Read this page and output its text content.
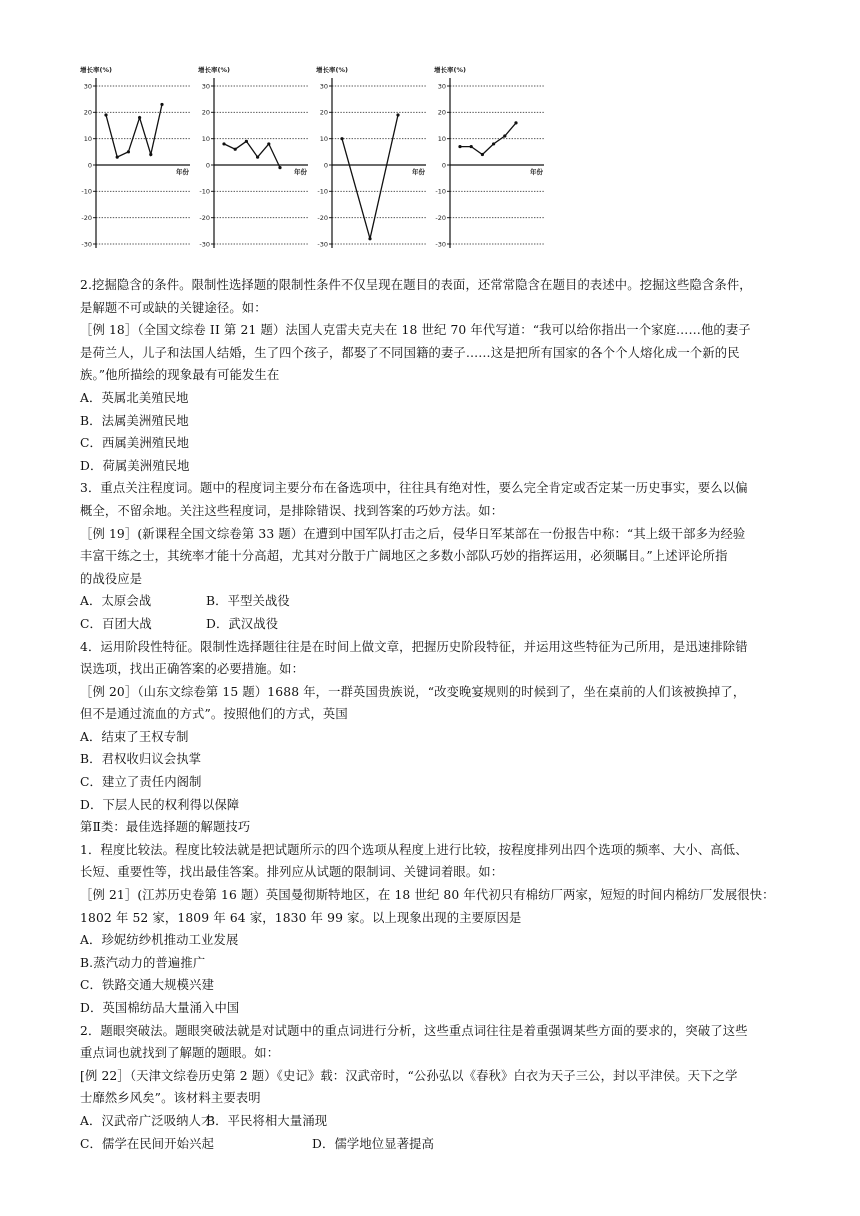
增长率(%)
30
20
10
0
-10
-20
-30
年份
增长率(%)
30
20
10
0
-10
-20
-30
年份
增长率(%)
30
20
10
0
-10
-20
-30
年份
增长率(%)
30
20
10
0
-10
-20
-30
年份
2.挖掘隐含的条件。限制性选择题的限制性条件不仅呈现在题目的表面，还常常隐含在题目的表述中。挖掘这些隐含条件，
是解题不可或缺的关键途径。如：
［例 18］（全国文综卷 II 第 21 题）法国人克雷夫克夫在 18 世纪 70 年代写道：“我可以给你指出一个家庭……他的妻子
是荷兰人，儿子和法国人结婚，生了四个孩子，都娶了不同国籍的妻子……这是把所有国家的各个个人熔化成一个新的民
族。”他所描绘的现象最有可能发生在
A．英属北美殖民地
B．法属美洲殖民地
C．西属美洲殖民地
D．荷属美洲殖民地
3．重点关注程度词。题中的程度词主要分布在备选项中，往往具有绝对性，要么完全肯定或否定某一历史事实，要么以偏
概全，不留余地。关注这些程度词，是排除错误、找到答案的巧妙方法。如：
［例 19］(新课程全国文综卷第 33 题）在遭到中国军队打击之后，侵华日军某部在一份报告中称：“其上级干部多为经验
丰富干练之士，其统率才能十分高超，尤其对分散于广阔地区之多数小部队巧妙的指挥运用，必须瞩目。”上述评论所指
的战役应是
A．太原会战	B．平型关战役
C．百团大战	D．武汉战役
4．运用阶段性特征。限制性选择题往往是在时间上做文章，把握历史阶段特征，并运用这些特征为己所用，是迅速排除错
误选项，找出正确答案的必要措施。如：
［例 20］（山东文综卷第 15 题）1688 年，一群英国贵族说，“改变晚宴规则的时候到了，坐在桌前的人们该被换掉了，
但不是通过流血的方式”。按照他们的方式，英国
A．结束了王权专制
B．君权收归议会执掌
C．建立了责任内阁制
D．下层人民的权利得以保障
第Ⅱ类：最佳选择题的解题技巧
1．程度比较法。程度比较法就是把试题所示的四个选项从程度上进行比较，按程度排列出四个选项的频率、大小、高低、
长短、重要性等，找出最佳答案。排列应从试题的限制词、关键词着眼。如：
［例 21］(江苏历史卷第 16 题）英国曼彻斯特地区，在 18 世纪 80 年代初只有棉纺厂两家，短短的时间内棉纺厂发展很快：
1802 年 52 家，1809 年 64 家，1830 年 99 家。以上现象出现的主要原因是
A．珍妮纺纱机推动工业发展
B.蒸汽动力的普遍推广
C．铁路交通大规模兴建
D．英国棉纺品大量涌入中国
2．题眼突破法。题眼突破法就是对试题中的重点词进行分析，这些重点词往往是着重强调某些方面的要求的，突破了这些
重点词也就找到了解题的题眼。如：
[例 22］（天津文综卷历史第 2 题）《史记》载：汉武帝时，“公孙弘以《春秋》白衣为天子三公，封以平津侯。天下之学
士靡然乡风矣”。该材料主要表明
A．汉武帝广泛吸纳人才
B．平民将相大量涌现
C．儒学在民间开始兴起	D．儒学地位显著提高
